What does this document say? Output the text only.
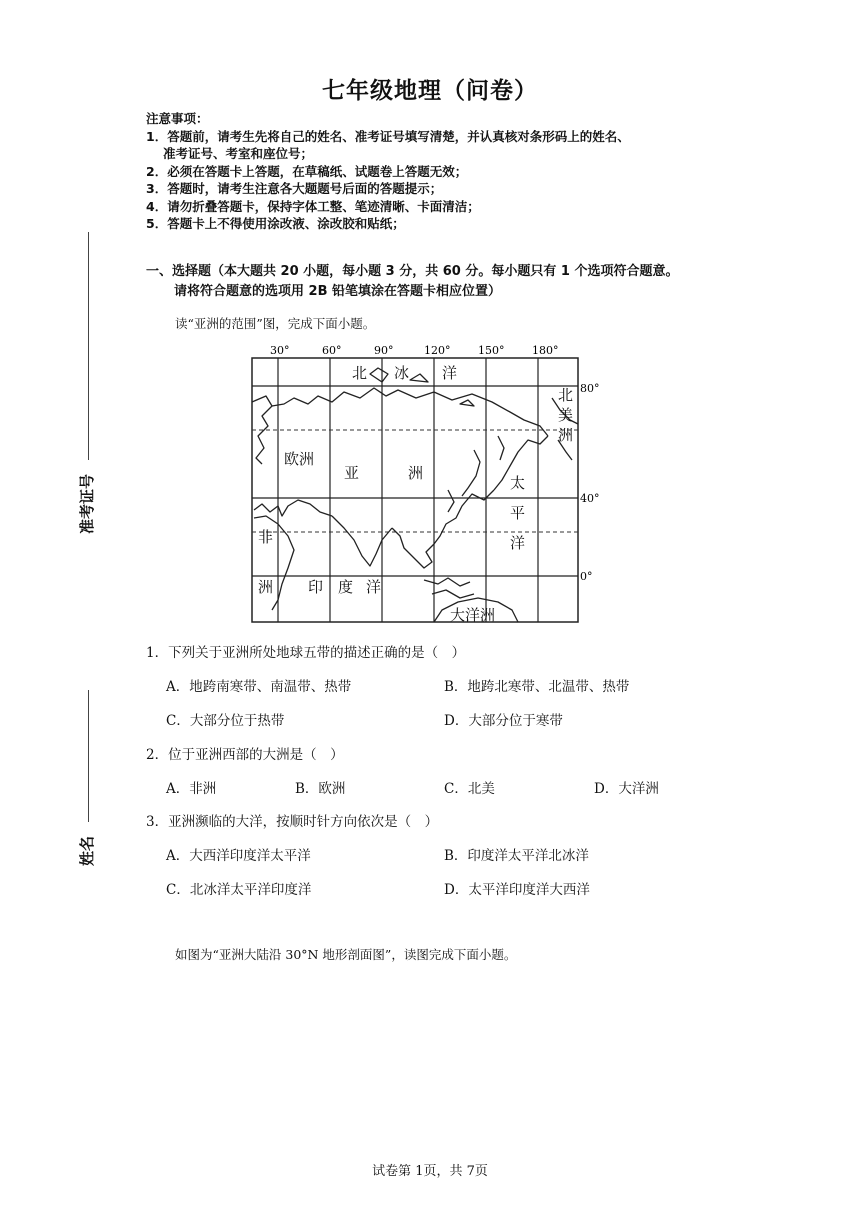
七年级地理（问卷）
注意事项：
1．答题前，请考生先将自己的姓名、准考证号填写清楚，并认真核对条形码上的姓名、
准考证号、考室和座位号；
2．必须在答题卡上答题，在草稿纸、试题卷上答题无效；
3．答题时，请考生注意各大题题号后面的答题提示；
4．请勿折叠答题卡，保持字体工整、笔迹清晰、卡面清洁；
5．答题卡上不得使用涂改液、涂改胶和贴纸；
准考证号
姓名
一、选择题（本大题共 20 小题，每小题 3 分，共 60 分。每小题只有 1 个选项符合题意。
请将符合题意的选项用 2B 铅笔填涂在答题卡相应位置）
读“亚洲的范围”图，完成下面小题。
30°	60°	90°	120°	150°	180°
80°
40°
0°
北 冰 洋
欧洲
亚	洲
太
平
洋
北
美
洲
非
洲 印 度 洋
大洋洲
1．下列关于亚洲所处地球五带的描述正确的是（　）
A．地跨南寒带、南温带、热带	B．地跨北寒带、北温带、热带
C．大部分位于热带	D．大部分位于寒带
2．位于亚洲西部的大洲是（　）
A．非洲	B．欧洲	C．北美	D．大洋洲
3．亚洲濒临的大洋，按顺时针方向依次是（　）
A．大西洋印度洋太平洋	B．印度洋太平洋北冰洋
C．北冰洋太平洋印度洋	D．太平洋印度洋大西洋
如图为“亚洲大陆沿 30°N 地形剖面图”，读图完成下面小题。
试卷第 1页，共 7页
